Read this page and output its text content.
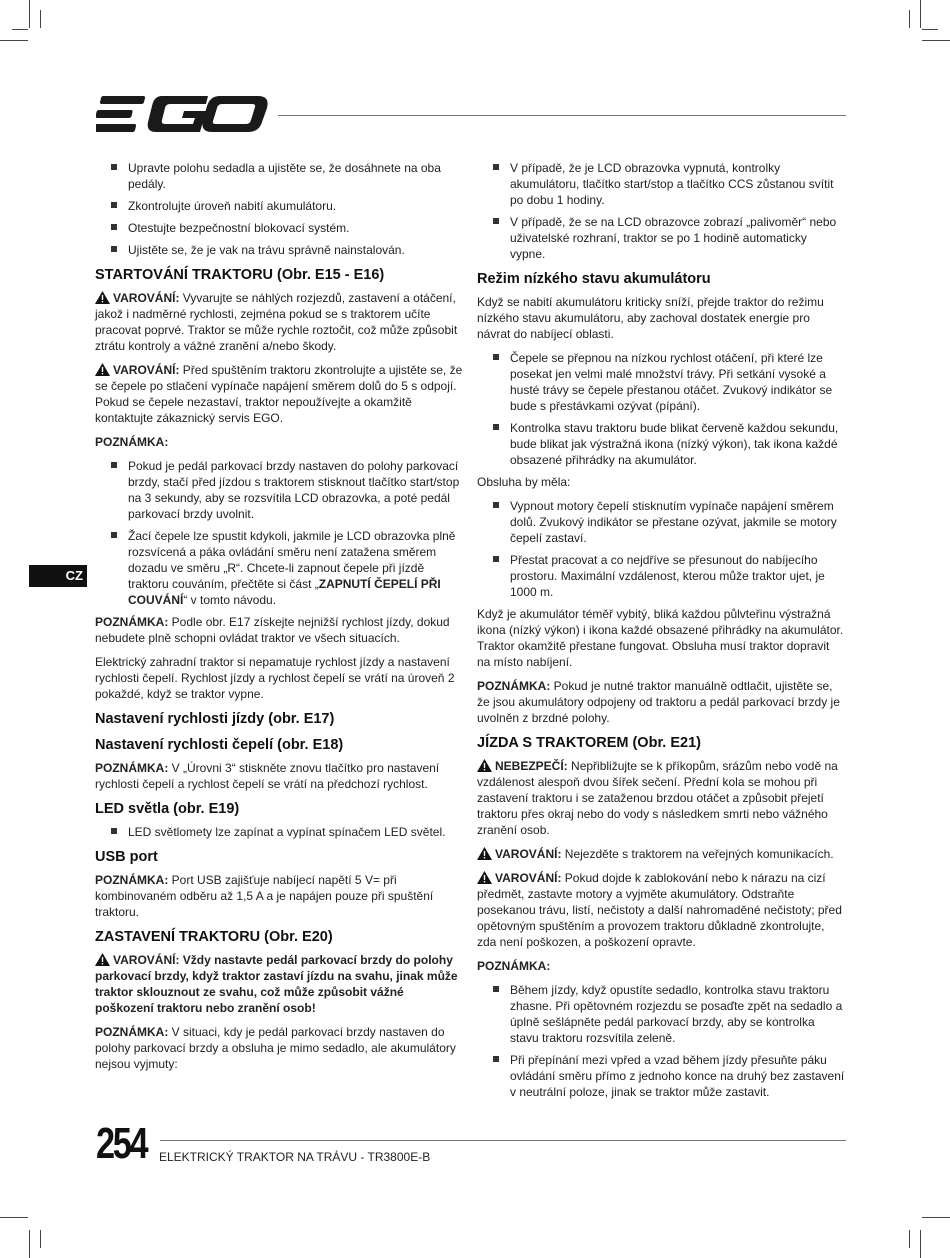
CZ
Upravte polohu sedadla a ujistěte se, že dosáhnete na oba pedály.
Zkontrolujte úroveň nabití akumulátoru.
Otestujte bezpečnostní blokovací systém.
Ujistěte se, že je vak na trávu správně nainstalován.
STARTOVÁNÍ TRAKTORU (Obr. E15 - E16)

VAROVÁNÍ: Vyvarujte se náhlých rozjezdů, zastavení a otáčení, jakož i nadměrné rychlosti, zejména pokud se s traktorem učíte pracovat poprvé. Traktor se může rychle roztočit, což může způsobit ztrátu kontroly a vážné zranění a/nebo škody.

VAROVÁNÍ: Před spuštěním traktoru zkontrolujte a ujistěte se, že se čepele po stlačení vypínače napájení směrem dolů do 5 s odpojí. Pokud se čepele nezastaví, traktor nepoužívejte a okamžitě kontaktujte zákaznický servis EGO.

POZNÁMKA:

Pokud je pedál parkovací brzdy nastaven do polohy parkovací brzdy, stačí před jízdou s traktorem stisknout tlačítko start/stop na 3 sekundy, aby se rozsvítila LCD obrazovka, a poté pedál parkovací brzdy uvolnit.
Žací čepele lze spustit kdykoli, jakmile je LCD obrazovka plně rozsvícená a páka ovládání směru není zatažena směrem dozadu ve směru „R“. Chcete-li zapnout čepele při jízdě traktoru couváním, přečtěte si část „ZAPNUTÍ ČEPELÍ PŘI COUVÁNÍ“ v tomto návodu.

POZNÁMKA: Podle obr. E17 získejte nejnižší rychlost jízdy, dokud nebudete plně schopni ovládat traktor ve všech situacích.

Elektrický zahradní traktor si nepamatuje rychlost jízdy a nastavení rychlosti čepelí. Rychlost jízdy a rychlost čepelí se vrátí na úroveň 2 pokaždé, když se traktor vypne.

Nastavení rychlosti jízdy (obr. E17)
Nastavení rychlosti čepelí (obr. E18)

POZNÁMKA: V „Úrovni 3“ stiskněte znovu tlačítko pro nastavení rychlosti čepelí a rychlost čepelí se vrátí na předchozí rychlost.

LED světla (obr. E19)
LED světlomety lze zapínat a vypínat spínačem LED světel.
USB port

POZNÁMKA: Port USB zajišťuje nabíjecí napětí 5 V= při kombinovaném odběru až 1,5 A a je napájen pouze při spuštění traktoru.

ZASTAVENÍ TRAKTORU (Obr. E20)

VAROVÁNÍ: Vždy nastavte pedál parkovací brzdy do polohy parkovací brzdy, když traktor zastaví jízdu na svahu, jinak může traktor sklouznout ze svahu, což může způsobit vážné poškození traktoru nebo zranění osob!

POZNÁMKA: V situaci, kdy je pedál parkovací brzdy nastaven do polohy parkovací brzdy a obsluha je mimo sedadlo, ale akumulátory nejsou vyjmuty:

V případě, že je LCD obrazovka vypnutá, kontrolky akumulátoru, tlačítko start/stop a tlačítko CCS zůstanou svítit po dobu 1 hodiny.
V případě, že se na LCD obrazovce zobrazí „palivoměr“ nebo uživatelské rozhraní, traktor se po 1 hodině automaticky vypne.
Režim nízkého stavu akumulátoru

Když se nabití akumulátoru kriticky sníží, přejde traktor do režimu nízkého stavu akumulátoru, aby zachoval dostatek energie pro návrat do nabíjecí oblasti.

Čepele se přepnou na nízkou rychlost otáčení, při které lze posekat jen velmi malé množství trávy. Při setkání vysoké a husté trávy se čepele přestanou otáčet. Zvukový indikátor se bude s přestávkami ozývat (pípání).
Kontrolka stavu traktoru bude blikat červeně každou sekundu, bude blikat jak výstražná ikona (nízký výkon), tak ikona každé obsazené přihrádky na akumulátor.

Obsluha by měla:

Vypnout motory čepelí stisknutím vypínače napájení směrem dolů. Zvukový indikátor se přestane ozývat, jakmile se motory čepelí zastaví.
Přestat pracovat a co nejdříve se přesunout do nabíjecího prostoru. Maximální vzdálenost, kterou může traktor ujet, je 1000 m.

Když je akumulátor téměř vybitý, bliká každou půlvteřinu výstražná ikona (nízký výkon) i ikona každé obsazené přihrádky na akumulátor. Traktor okamžitě přestane fungovat. Obsluha musí traktor dopravit na místo nabíjení.

POZNÁMKA: Pokud je nutné traktor manuálně odtlačit, ujistěte se, že jsou akumulátory odpojeny od traktoru a pedál parkovací brzdy je uvolněn z brzdné polohy.

JÍZDA S TRAKTOREM (Obr. E21)

NEBEZPEČÍ: Nepřibližujte se k příkopům, srázům nebo vodě na vzdálenost alespoň dvou šířek sečení. Přední kola se mohou při zastavení traktoru i se zataženou brzdou otáčet a způsobit přejetí traktoru přes okraj nebo do vody s následkem smrti nebo vážného zranění osob.

VAROVÁNÍ: Nejezděte s traktorem na veřejných komunikacích.

VAROVÁNÍ: Pokud dojde k zablokování nebo k nárazu na cizí předmět, zastavte motory a vyjměte akumulátory. Odstraňte posekanou trávu, listí, nečistoty a další nahromaděné nečistoty; před opětovným spuštěním a provozem traktoru důkladně zkontrolujte, zda není poškozen, a poškození opravte.

POZNÁMKA:

Během jízdy, když opustíte sedadlo, kontrolka stavu traktoru zhasne. Při opětovném rozjezdu se posaďte zpět na sedadlo a úplně sešlápněte pedál parkovací brzdy, aby se kontrolka stavu traktoru rozsvítila zeleně.
Při přepínání mezi vpřed a vzad během jízdy přesuňte páku ovládání směru přímo z jednoho konce na druhý bez zastavení v neutrální poloze, jinak se traktor může zastavit.
254 ELEKTRICKÝ TRAKTOR NA TRÁVU - TR3800E-B
